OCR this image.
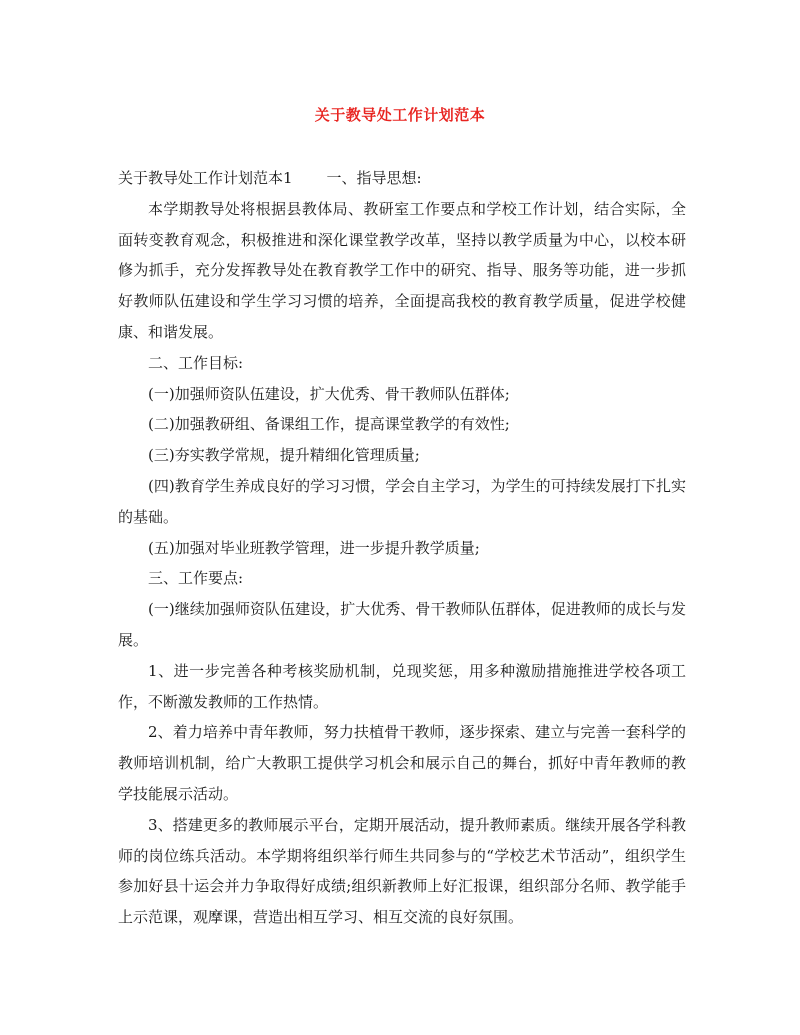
关于教导处工作计划范本

关于教导处工作计划范本1 一、指导思想:

本学期教导处将根据县教体局、教研室工作要点和学校工作计划，结合实际，全面转变教育观念，积极推进和深化课堂教学改革，坚持以教学质量为中心，以校本研修为抓手，充分发挥教导处在教育教学工作中的研究、指导、服务等功能，进一步抓好教师队伍建设和学生学习习惯的培养，全面提高我校的教育教学质量，促进学校健康、和谐发展。

二、工作目标:

(一)加强师资队伍建设，扩大优秀、骨干教师队伍群体;

(二)加强教研组、备课组工作，提高课堂教学的有效性;

(三)夯实教学常规，提升精细化管理质量;

(四)教育学生养成良好的学习习惯，学会自主学习，为学生的可持续发展打下扎实的基础。

(五)加强对毕业班教学管理，进一步提升教学质量;

三、工作要点:

(一)继续加强师资队伍建设，扩大优秀、骨干教师队伍群体，促进教师的成长与发展。

1、进一步完善各种考核奖励机制，兑现奖惩，用多种激励措施推进学校各项工作，不断激发教师的工作热情。

2、着力培养中青年教师，努力扶植骨干教师，逐步探索、建立与完善一套科学的教师培训机制，给广大教职工提供学习机会和展示自己的舞台，抓好中青年教师的教学技能展示活动。

3、搭建更多的教师展示平台，定期开展活动，提升教师素质。继续开展各学科教师的岗位练兵活动。本学期将组织举行师生共同参与的“学校艺术节活动”，组织学生参加好县十运会并力争取得好成绩;组织新教师上好汇报课，组织部分名师、教学能手上示范课，观摩课，营造出相互学习、相互交流的良好氛围。
